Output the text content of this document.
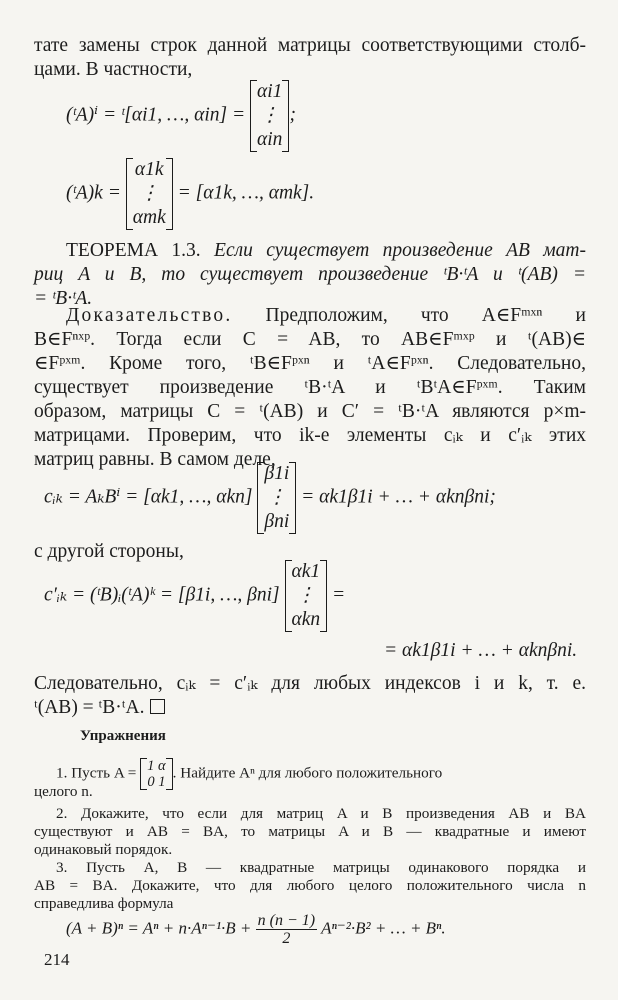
тате замены строк данной матрицы соответствующими столб-
цами. В частности,
(ᵗA)ⁱ = ᵗ[αi1, …, αin] =
αi1
⋮
αin
;
(ᵗA)k =
α1k
⋮
αmk
= [α1k, …, αmk].
ТЕОРЕМА 1.3. Если существует произведение AB мат-
риц A и B, то существует произведение ᵗB·ᵗA и ᵗ(AB) =
= ᵗB·ᵗA.
Доказательство. Предположим, что A∈Fᵐˣⁿ и
B∈Fⁿˣᵖ. Тогда если C = AB, то AB∈Fᵐˣᵖ и ᵗ(AB)∈
∈Fᵖˣᵐ. Кроме того, ᵗB∈Fᵖˣⁿ и ᵗA∈Fᵖˣⁿ. Следовательно,
существует произведение ᵗB·ᵗA и ᵗBᵗA∈Fᵖˣᵐ. Таким
образом, матрицы C = ᵗ(AB) и C′ = ᵗB·ᵗA являются p×m-
матрицами. Проверим, что ik-е элементы cᵢₖ и c′ᵢₖ этих
матриц равны. В самом деле,
cᵢₖ = AₖBⁱ = [αk1, …, αkn]
β1i
⋮
βni
= αk1β1i + … + αknβni;
с другой стороны,
c′ᵢₖ = (ᵗB)ᵢ(ᵗA)ᵏ = [β1i, …, βni]
αk1
⋮
αkn
=
= αk1β1i + … + αknβni.
Следовательно, cᵢₖ = c′ᵢₖ для любых индексов i и k, т. е.
ᵗ(AB) = ᵗB·ᵗA.
Упражнения
1. Пусть A = 1 α
0 1
. Найдите Aⁿ для любого положительного
целого n.
2. Докажите, что если для матриц A и B произведения AB и BA
существуют и AB = BA, то матрицы A и B — квадратные и имеют
одинаковый порядок.
3. Пусть A, B — квадратные матрицы одинакового порядка и
AB = BA. Докажите, что для любого целого положительного числа n
справедлива формула
$(A + B)^n = A^n + n\cdot A^{n-1}\cdot B + \frac{n (n - 1)}{2} A^{n-2}\cdot B^2$ + … + Bⁿ.
214
